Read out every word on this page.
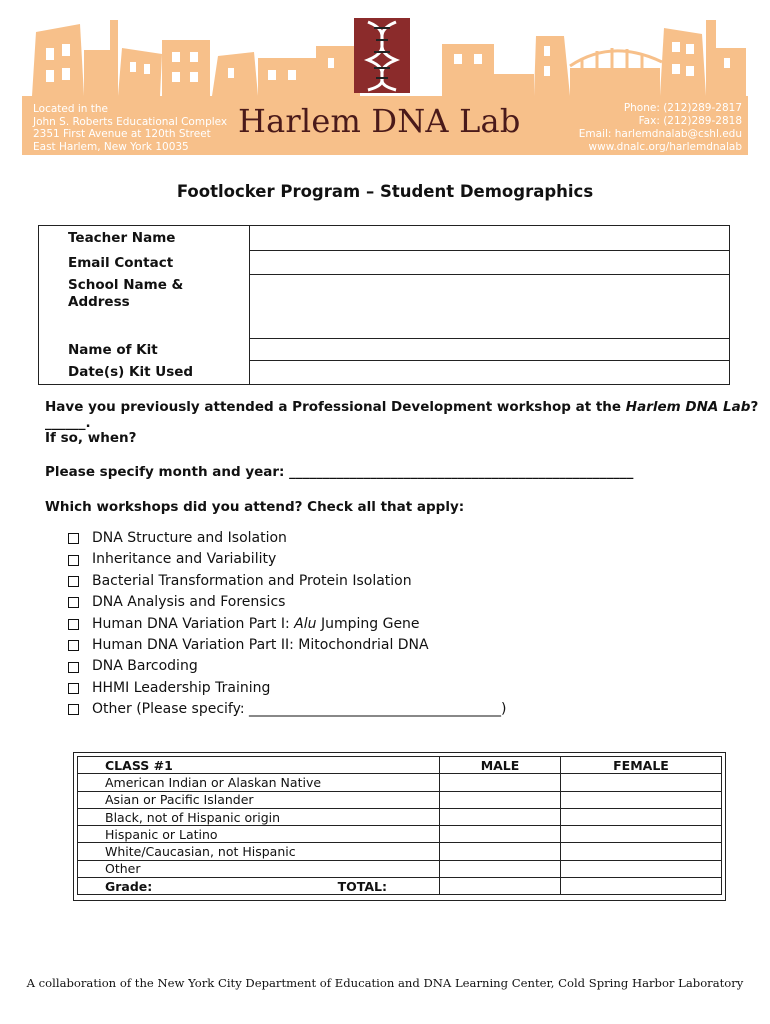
Located in the
John S. Roberts Educational Complex
2351 First Avenue at 120th Street
East Harlem, New York 10035
Harlem DNA Lab	Phone: (212)289-2817
Fax: (212)289-2818
Email: harlemdnalab@cshl.edu
www.dnalc.org/harlemdnalab
Footlocker Program – Student Demographics
Teacher Name	
Email Contact	
School Name &
Address	
Name of Kit	
Date(s) Kit Used	
Have you previously attended a Professional Development workshop at the Harlem DNA Lab? ______.
If so, when?
Please specify month and year: ___________________________________________________
Which workshops did you attend? Check all that apply:
DNA Structure and Isolation
Inheritance and Variability
Bacterial Transformation and Protein Isolation
DNA Analysis and Forensics
Human DNA Variation Part I: Alu Jumping Gene
Human DNA Variation Part II: Mitochondrial DNA
DNA Barcoding
HHMI Leadership Training
Other (Please specify: ____________________________________)
CLASS #1	MALE	FEMALE
American Indian or Alaskan Native		
Asian or Pacific Islander		
Black, not of Hispanic origin		
Hispanic or Latino		
White/Caucasian, not Hispanic		
Other		
Grade: TOTAL:		

A collaboration of the New York City Department of Education and DNA Learning Center, Cold Spring Harbor Laboratory
